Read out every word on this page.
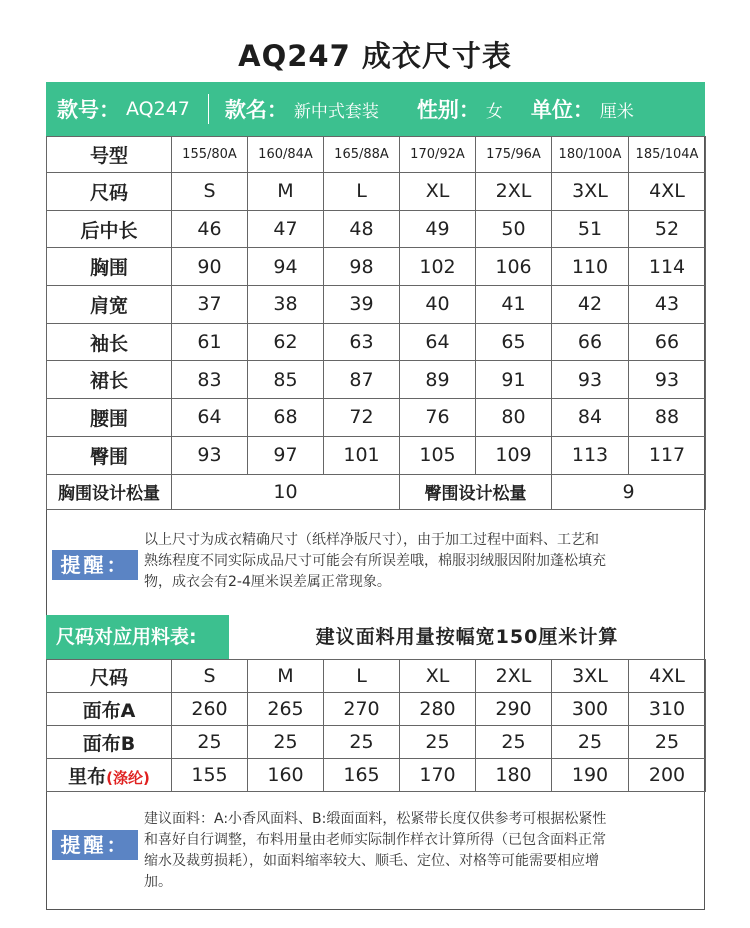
AQ247 成衣尺寸表
款号： AQ247 款名： 新中式套装 性别： 女 单位： 厘米
号型	155/80A	160/84A	165/88A	170/92A	175/96A	180/100A	185/104A
尺码	S	M	L	XL	2XL	3XL	4XL
后中长	46	47	48	49	50	51	52
胸围	90	94	98	102	106	110	114
肩宽	37	38	39	40	41	42	43
袖长	61	62	63	64	65	66	66
裙长	83	85	87	89	91	93	93
腰围	64	68	72	76	80	84	88
臀围	93	97	101	105	109	113	117
胸围设计松量	10			臀围设计松量		9	
提醒：
以上尺寸为成衣精确尺寸（纸样净版尺寸），由于加工过程中面料、工艺和
熟练程度不同实际成品尺寸可能会有所误差哦，棉服羽绒服因附加蓬松填充
物，成衣会有2-4厘米误差属正常现象。
尺码对应用料表:	建议面料用量按幅宽150厘米计算
尺码	S	M	L	XL	2XL	3XL	4XL
面布A	260	265	270	280	290	300	310
面布B	25	25	25	25	25	25	25
里布(涤纶)	155	160	165	170	180	190	200
提醒：
建议面料：A:小香风面料、B:缎面面料，松紧带长度仅供参考可根据松紧性
和喜好自行调整，布料用量由老师实际制作样衣计算所得（已包含面料正常
缩水及裁剪损耗），如面料缩率较大、顺毛、定位、对格等可能需要相应增
加。
